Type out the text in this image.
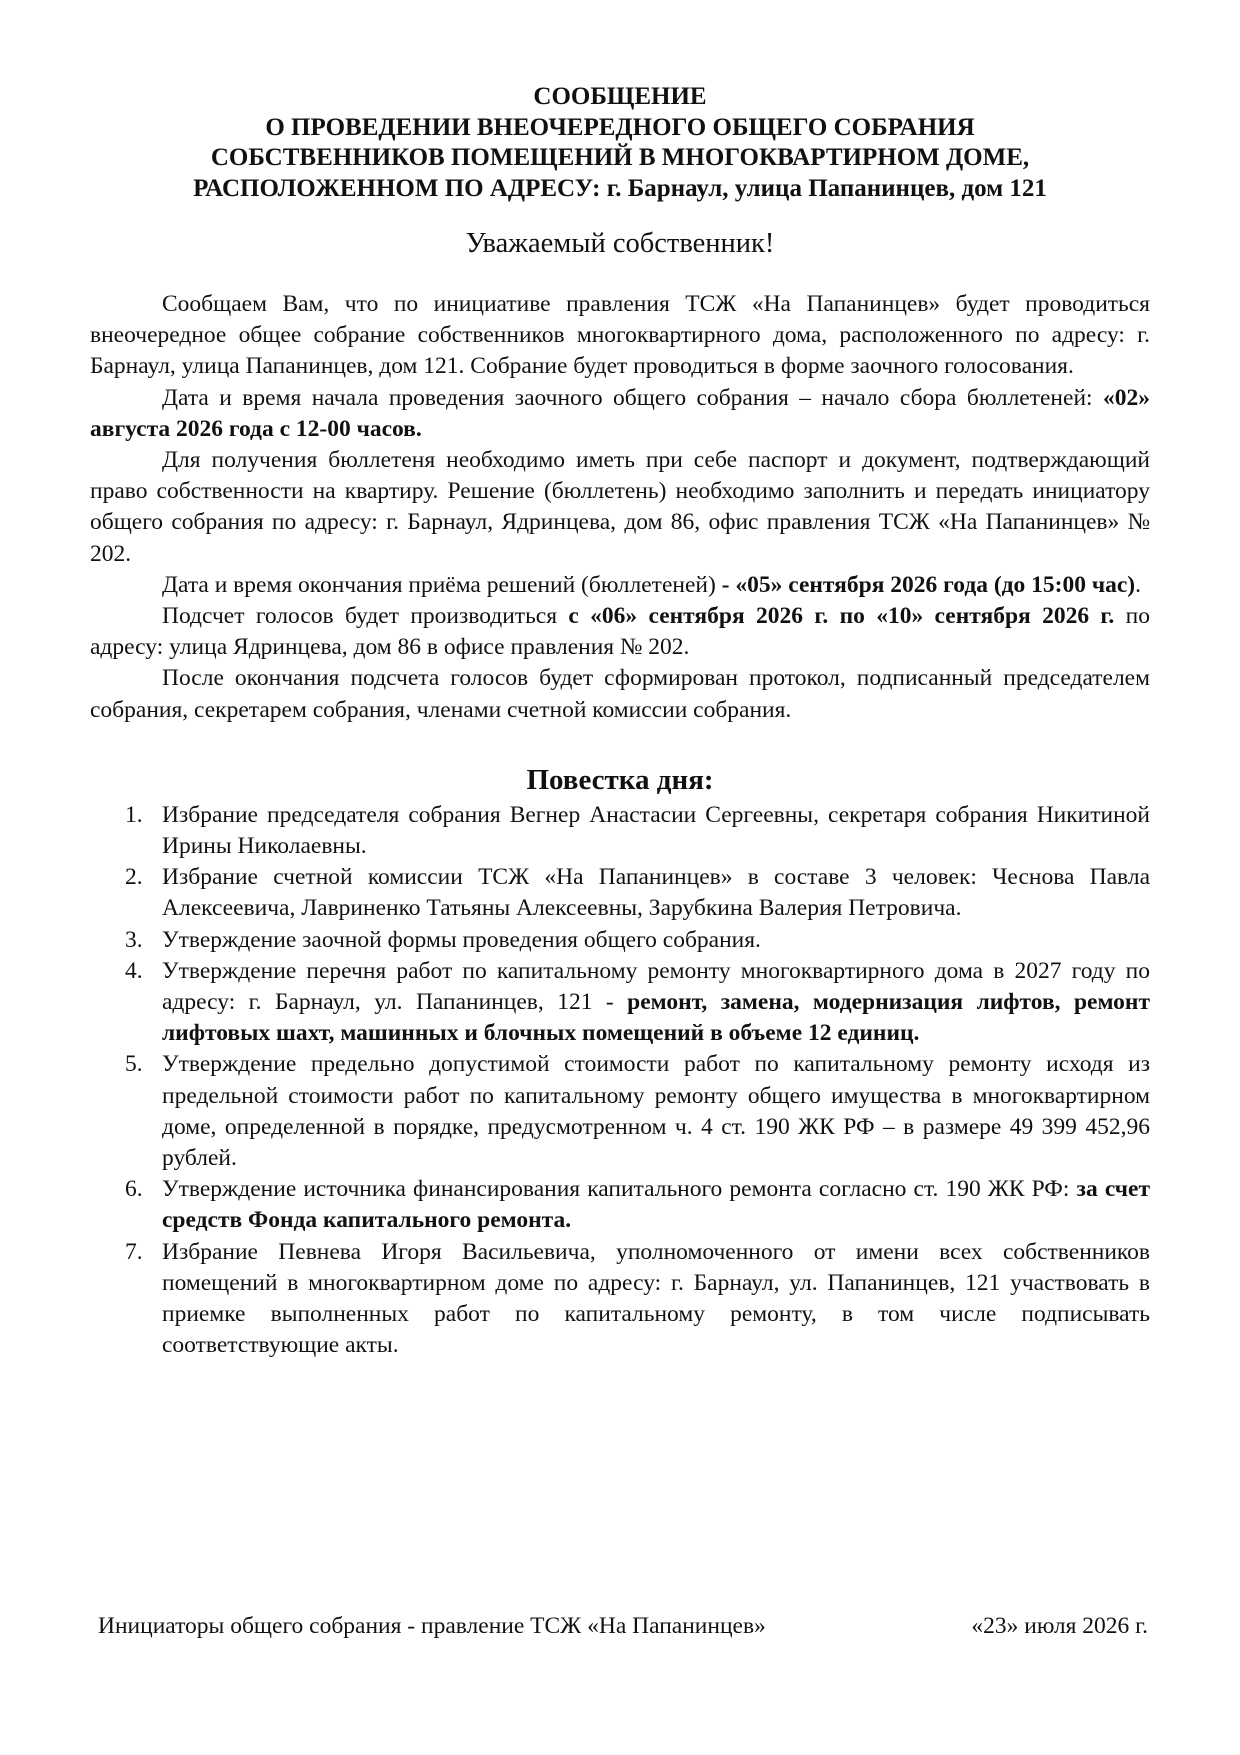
СООБЩЕНИЕ
О ПРОВЕДЕНИИ ВНЕОЧЕРЕДНОГО ОБЩЕГО СОБРАНИЯ
СОБСТВЕННИКОВ ПОМЕЩЕНИЙ В МНОГОКВАРТИРНОМ ДОМЕ,
РАСПОЛОЖЕННОМ ПО АДРЕСУ: г. Барнаул, улица Папанинцев, дом 121
Уважаемый собственник!

Сообщаем Вам, что по инициативе правления ТСЖ «На Папанинцев» будет проводиться внеочередное общее собрание собственников многоквартирного дома, расположенного по адресу: г. Барнаул, улица Папанинцев, дом 121. Собрание будет проводиться в форме заочного голосования.

Дата и время начала проведения заочного общего собрания – начало сбора бюллетеней: «02» августа 2026 года с 12-00 часов.

Для получения бюллетеня необходимо иметь при себе паспорт и документ, подтверждающий право собственности на квартиру. Решение (бюллетень) необходимо заполнить и передать инициатору общего собрания по адресу: г. Барнаул, Ядринцева, дом 86, офис правления ТСЖ «На Папанинцев» № 202.

Дата и время окончания приёма решений (бюллетеней) - «05» сентября 2026 года (до 15:00 час).

Подсчет голосов будет производиться с «06» сентября 2026 г. по «10» сентября 2026 г. по адресу: улица Ядринцева, дом 86 в офисе правления № 202.

После окончания подсчета голосов будет сформирован протокол, подписанный председателем собрания, секретарем собрания, членами счетной комиссии собрания.

Повестка дня:
1. Избрание председателя собрания Вегнер Анастасии Сергеевны, секретаря собрания Никитиной Ирины Николаевны.
2. Избрание счетной комиссии ТСЖ «На Папанинцев» в составе 3 человек: Чеснова Павла Алексеевича, Лавриненко Татьяны Алексеевны, Зарубкина Валерия Петровича.
3. Утверждение заочной формы проведения общего собрания.
4. Утверждение перечня работ по капитальному ремонту многоквартирного дома в 2027 году по адресу: г. Барнаул, ул. Папанинцев, 121 - ремонт, замена, модернизация лифтов, ремонт лифтовых шахт, машинных и блочных помещений в объеме 12 единиц.
5. Утверждение предельно допустимой стоимости работ по капитальному ремонту исходя из предельной стоимости работ по капитальному ремонту общего имущества в многоквартирном доме, определенной в порядке, предусмотренном ч. 4 ст. 190 ЖК РФ – в размере 49 399 452,96 рублей.
6. Утверждение источника финансирования капитального ремонта согласно ст. 190 ЖК РФ: за счет средств Фонда капитального ремонта.
7. Избрание Певнева Игоря Васильевича, уполномоченного от имени всех собственников помещений в многоквартирном доме по адресу: г. Барнаул, ул. Папанинцев, 121 участвовать в приемке выполненных работ по капитальному ремонту, в том числе подписывать соответствующие акты.
Инициаторы общего собрания - правление ТСЖ «На Папанинцев»	«23» июля 2026 г.
